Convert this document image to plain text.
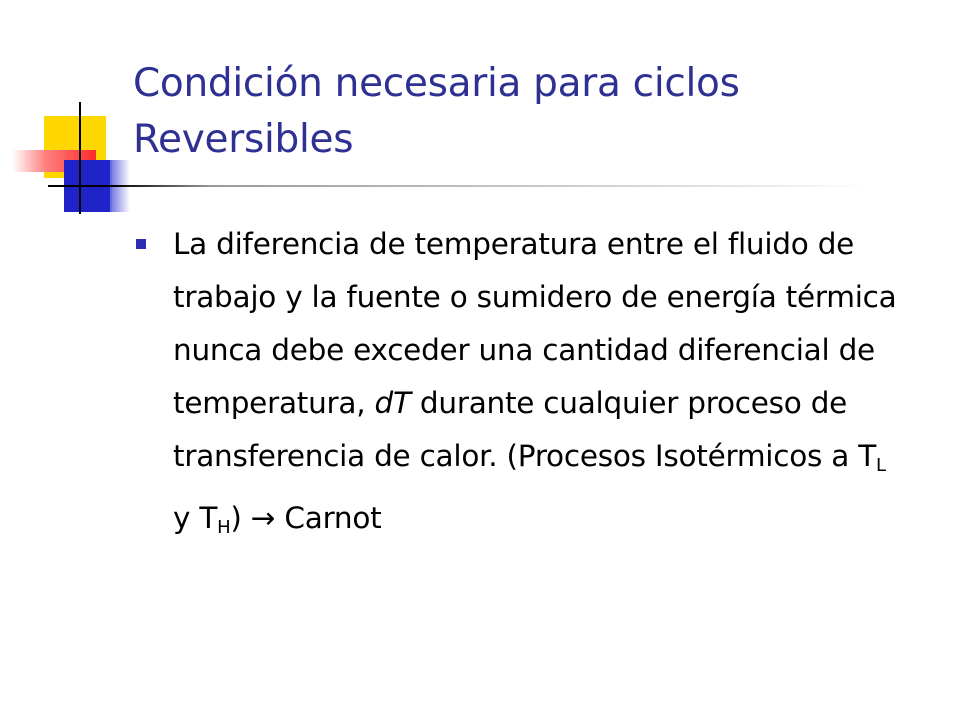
Condición necesaria para ciclos Reversibles
La diferencia de temperatura entre el fluido de trabajo y la fuente o sumidero de energía térmica nunca debe exceder una cantidad diferencial de temperatura, dT durante cualquier proceso de transferencia de calor. (Procesos Isotérmicos a $T_L$ y $T_H$) → Carnot
